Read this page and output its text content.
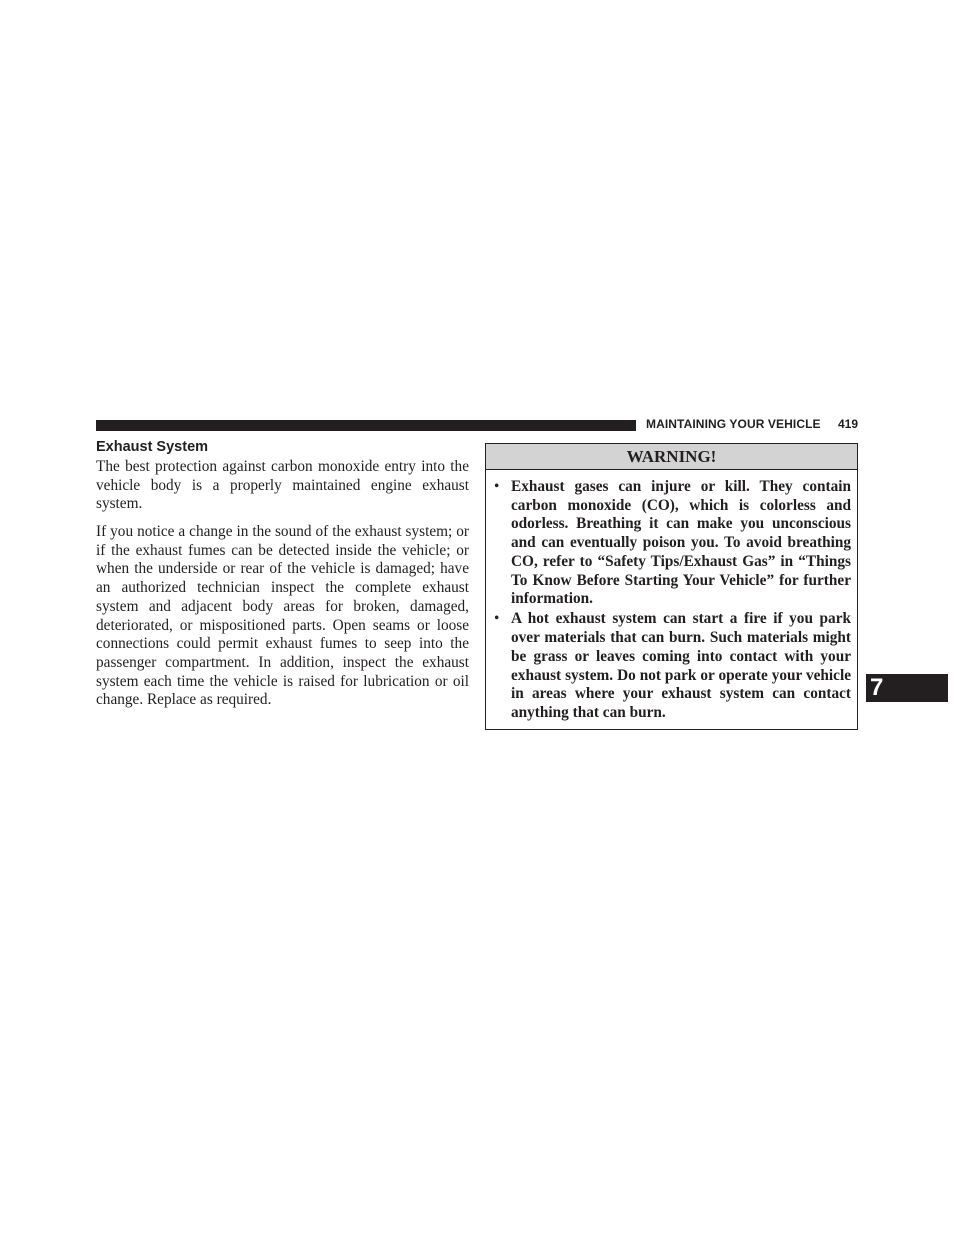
MAINTAINING YOUR VEHICLE 419
Exhaust System

The best protection against carbon monoxide entry into the vehicle body is a properly maintained engine exhaust system.

If you notice a change in the sound of the exhaust system; or if the exhaust fumes can be detected inside the vehicle; or when the underside or rear of the vehicle is damaged; have an authorized technician inspect the complete exhaust system and adjacent body areas for broken, damaged, deteriorated, or mispositioned parts. Open seams or loose connections could permit exhaust fumes to seep into the passenger compartment. In addition, inspect the exhaust system each time the vehicle is raised for lubrication or oil change. Replace as required.

WARNING!
• Exhaust gases can injure or kill. They contain carbon monoxide (CO), which is colorless and odorless. Breathing it can make you unconscious and can eventually poison you. To avoid breathing CO, refer to “Safety Tips/Exhaust Gas” in “Things To Know Before Starting Your Vehicle” for further information.
• A hot exhaust system can start a fire if you park over materials that can burn. Such materials might be grass or leaves coming into contact with your exhaust system. Do not park or operate your vehicle in areas where your exhaust system can contact anything that can burn.
7
